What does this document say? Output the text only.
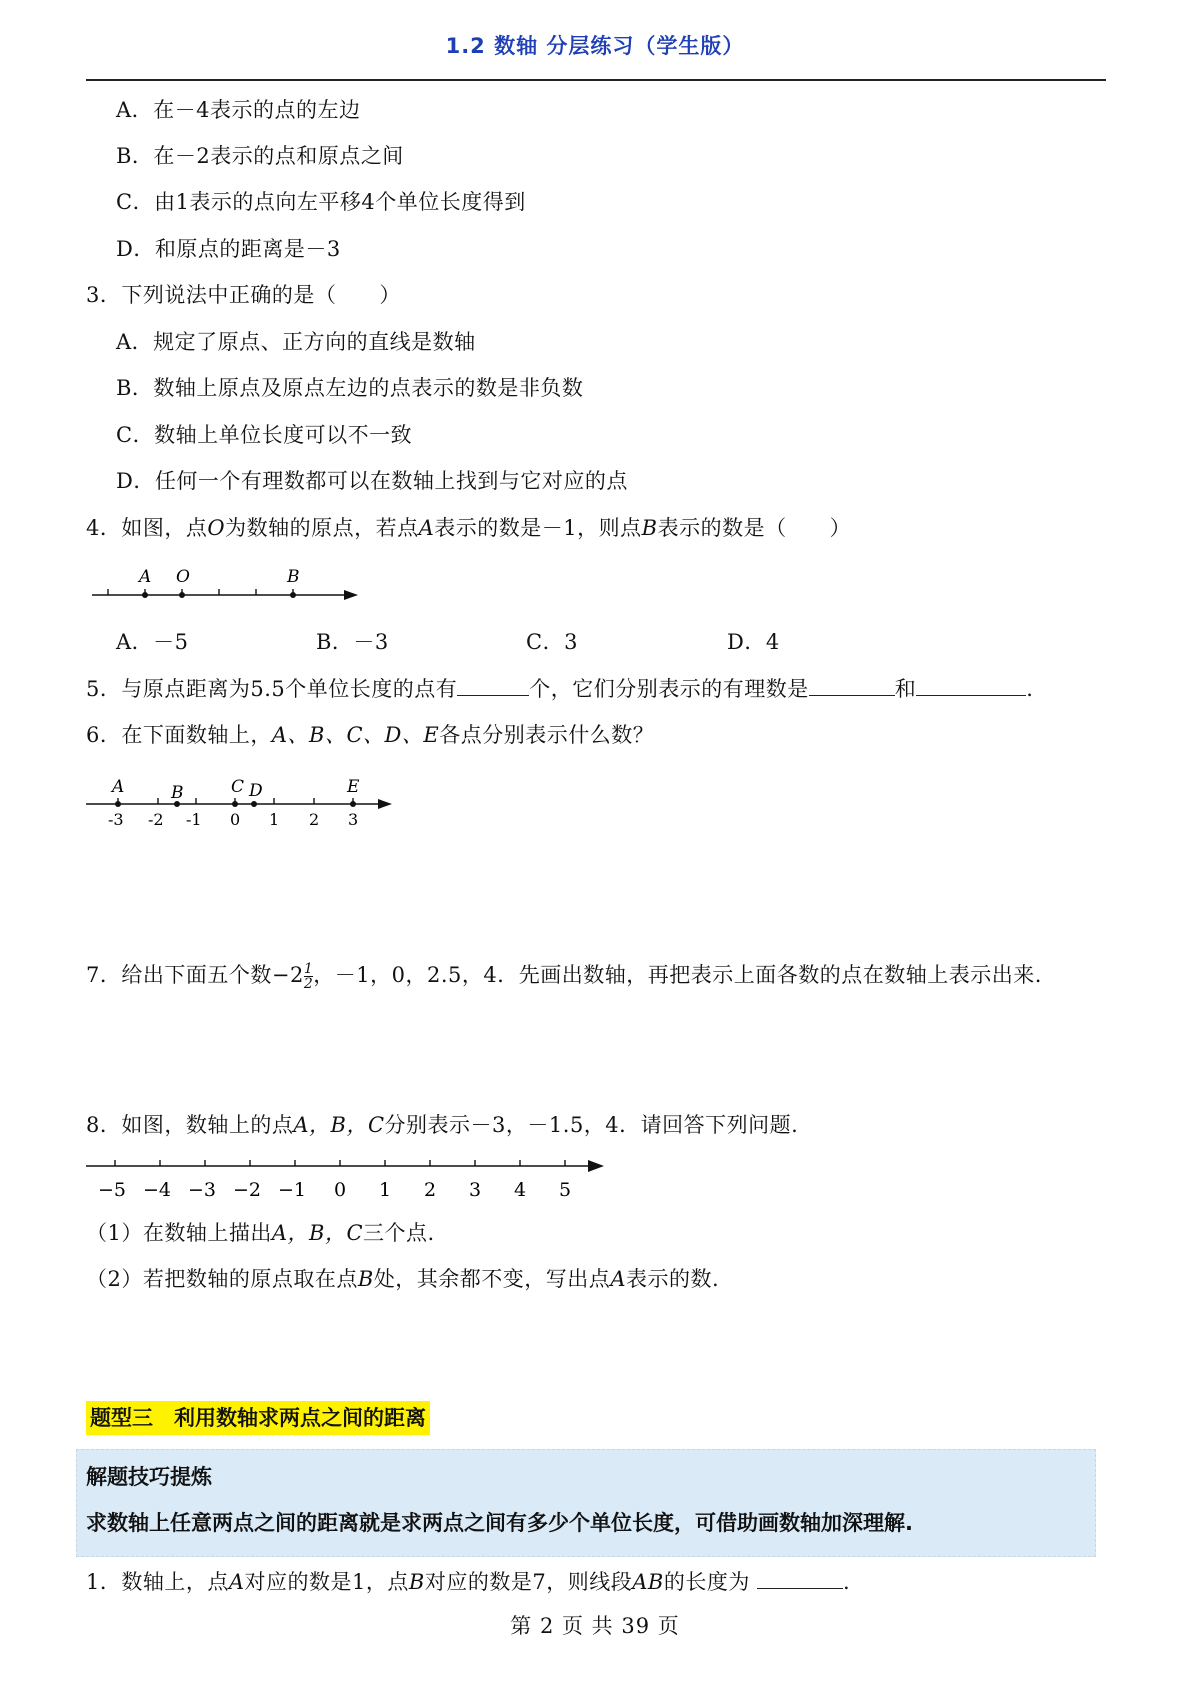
1.2 数轴 分层练习（学生版）
A．在－4表示的点的左边
B．在－2表示的点和原点之间
C．由1表示的点向左平移4个单位长度得到
D．和原点的距离是－3
3．下列说法中正确的是（　　）
A．规定了原点、正方向的直线是数轴
B．数轴上原点及原点左边的点表示的数是非负数
C．数轴上单位长度可以不一致
D．任何一个有理数都可以在数轴上找到与它对应的点
4．如图，点O为数轴的原点，若点A表示的数是－1，则点B表示的数是（　　）
A O	B
A．－5	B．－3	C．3	D．4
5．与原点距离为5.5个单位长度的点有	个，它们分别表示的有理数是	和	.
6．在下面数轴上，A、B、C、D、E各点分别表示什么数？
A	B	C D	E
-3 -2 -1 0 1 2 3
7．给出下面五个数$-2 \frac{1}{2}$ ，－1，0，2.5，4．先画出数轴，再把表示上面各数的点在数轴上表示出来.
8．如图，数轴上的点A，B，C分别表示－3，－1.5，4．请回答下列问题.
−5 −4 −3 −2 −1 0 1 2 3 4 5
（1）在数轴上描出A，B，C三个点.
（2）若把数轴的原点取在点B处，其余都不变，写出点A表示的数.
题型三　利用数轴求两点之间的距离
解题技巧提炼
求数轴上任意两点之间的距离就是求两点之间有多少个单位长度，可借助画数轴加深理解.
1．数轴上，点A对应的数是1，点B对应的数是7，则线段AB的长度为	.
第 2 页 共 39 页
